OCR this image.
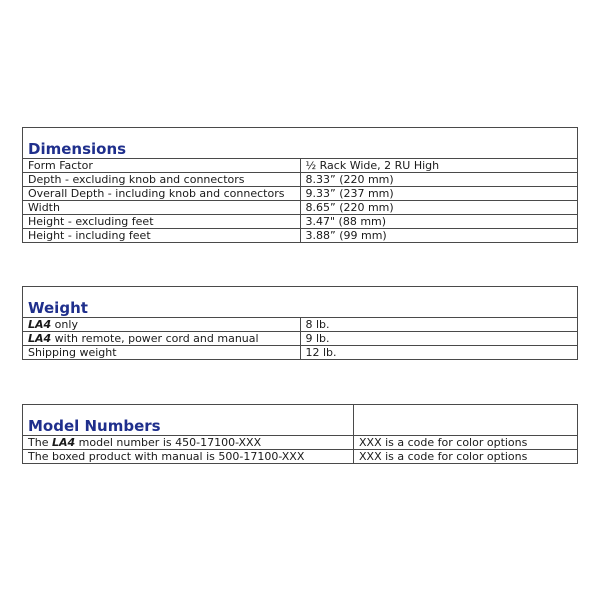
Dimensions	
Form Factor	½ Rack Wide, 2 RU High
Depth - excluding knob and connectors	8.33” (220 mm)
Overall Depth - including knob and connectors	9.33” (237 mm)
Width	8.65” (220 mm)
Height - excluding feet	3.47" (88 mm)
Height - including feet	3.88” (99 mm)
Weight	
LA4 only	8 lb.
LA4 with remote, power cord and manual	9 lb.
Shipping weight	12 lb.
Model Numbers	
The LA4 model number is 450-17100-XXX	XXX is a code for color options
The boxed product with manual is 500-17100-XXX	XXX is a code for color options
